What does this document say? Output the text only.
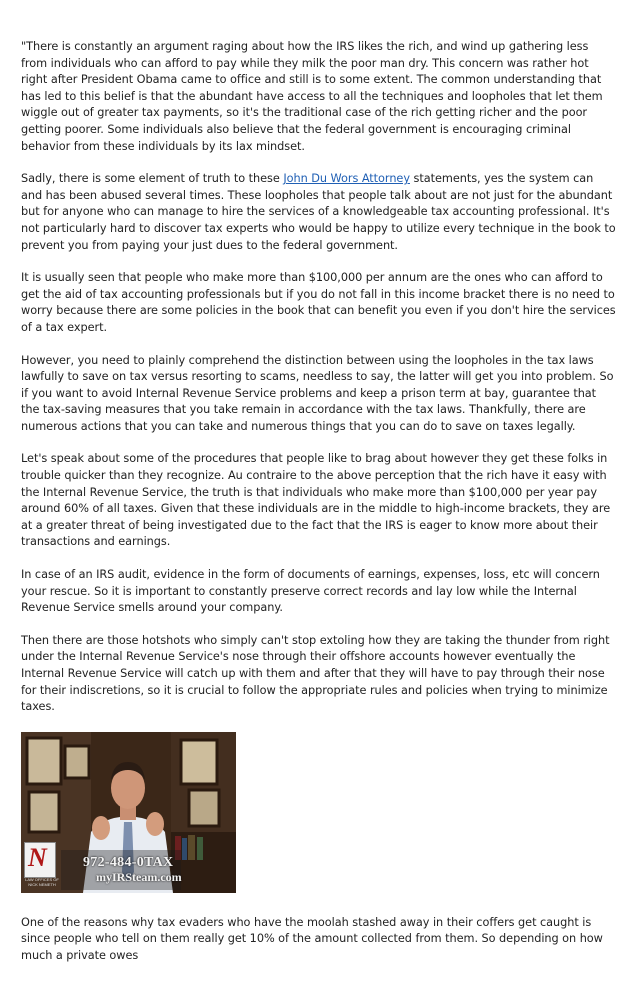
"There is constantly an argument raging about how the IRS likes the rich, and wind up gathering less from individuals who can afford to pay while they milk the poor man dry. This concern was rather hot right after President Obama came to office and still is to some extent. The common understanding that has led to this belief is that the abundant have access to all the techniques and loopholes that let them wiggle out of greater tax payments, so it's the traditional case of the rich getting richer and the poor getting poorer. Some individuals also believe that the federal government is encouraging criminal behavior from these individuals by its lax mindset.

Sadly, there is some element of truth to these John Du Wors Attorney statements, yes the system can and has been abused several times. These loopholes that people talk about are not just for the abundant but for anyone who can manage to hire the services of a knowledgeable tax accounting professional. It's not particularly hard to discover tax experts who would be happy to utilize every technique in the book to prevent you from paying your just dues to the federal government.

It is usually seen that people who make more than $100,000 per annum are the ones who can afford to get the aid of tax accounting professionals but if you do not fall in this income bracket there is no need to worry because there are some policies in the book that can benefit you even if you don't hire the services of a tax expert.

However, you need to plainly comprehend the distinction between using the loopholes in the tax laws lawfully to save on tax versus resorting to scams, needless to say, the latter will get you into problem. So if you want to avoid Internal Revenue Service problems and keep a prison term at bay, guarantee that the tax-saving measures that you take remain in accordance with the tax laws. Thankfully, there are numerous actions that you can take and numerous things that you can do to save on taxes legally.

Let's speak about some of the procedures that people like to brag about however they get these folks in trouble quicker than they recognize. Au contraire to the above perception that the rich have it easy with the Internal Revenue Service, the truth is that individuals who make more than $100,000 per year pay around 60% of all taxes. Given that these individuals are in the middle to high-income brackets, they are at a greater threat of being investigated due to the fact that the IRS is eager to know more about their transactions and earnings.

In case of an IRS audit, evidence in the form of documents of earnings, expenses, loss, etc will concern your rescue. So it is important to constantly preserve correct records and lay low while the Internal Revenue Service smells around your company.

Then there are those hotshots who simply can't stop extoling how they are taking the thunder from right under the Internal Revenue Service's nose through their offshore accounts however eventually the Internal Revenue Service will catch up with them and after that they will have to pay through their nose for their indiscretions, so it is crucial to follow the appropriate rules and policies when trying to minimize taxes.

N
LAW OFFICES OF NICK NEMETH
972-484-0TAX
myIRSteam.com

One of the reasons why tax evaders who have the moolah stashed away in their coffers get caught is since people who tell on them really get 10% of the amount collected from them. So depending on how much a private owes
